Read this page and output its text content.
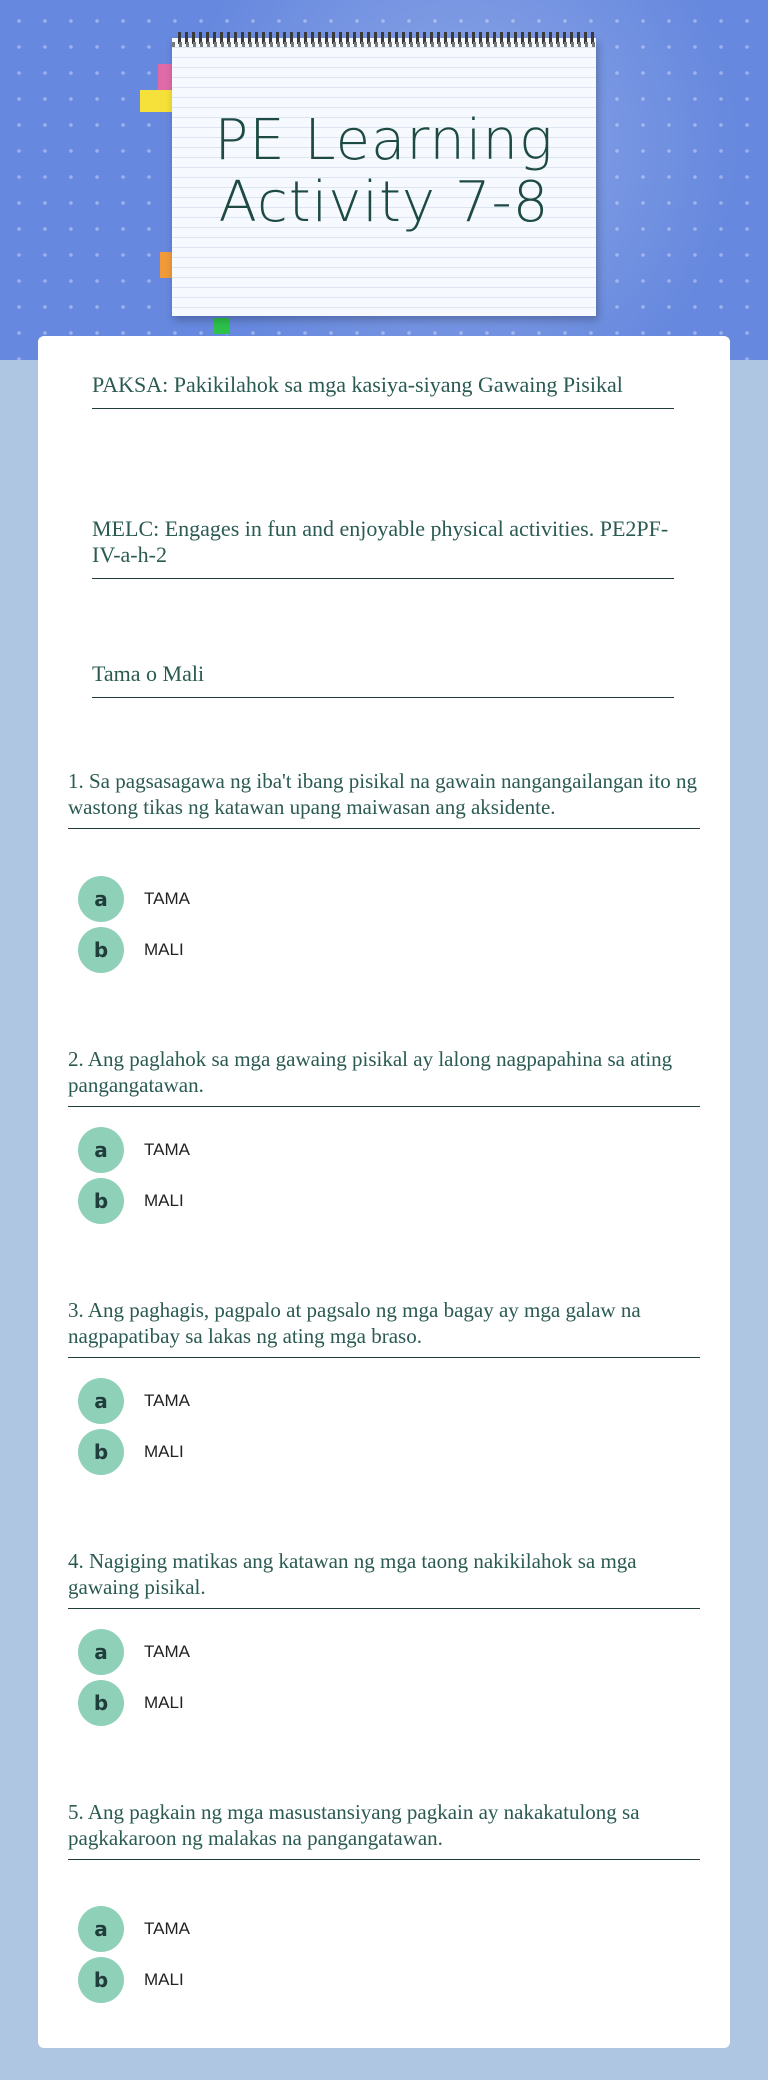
PE Learning
Activity 7-8
PAKSA: Pakikilahok sa mga kasiya-siyang Gawaing Pisikal
MELC: Engages in fun and enjoyable physical activities. PE2PF-IV-a-h-2
Tama o Mali
1. Sa pagsasagawa ng iba't ibang pisikal na gawain nangangailangan ito ng wastong tikas ng katawan upang maiwasan ang aksidente.
a	TAMA
b	MALI
2. Ang paglahok sa mga gawaing pisikal ay lalong nagpapahina sa ating pangangatawan.
a	TAMA
b	MALI
3. Ang paghagis, pagpalo at pagsalo ng mga bagay ay mga galaw na nagpapatibay sa lakas ng ating mga braso.
a	TAMA
b	MALI
4. Nagiging matikas ang katawan ng mga taong nakikilahok sa mga gawaing pisikal.
a	TAMA
b	MALI
5. Ang pagkain ng mga masustansiyang pagkain ay nakakatulong sa pagkakaroon ng malakas na pangangatawan.
a	TAMA
b	MALI
